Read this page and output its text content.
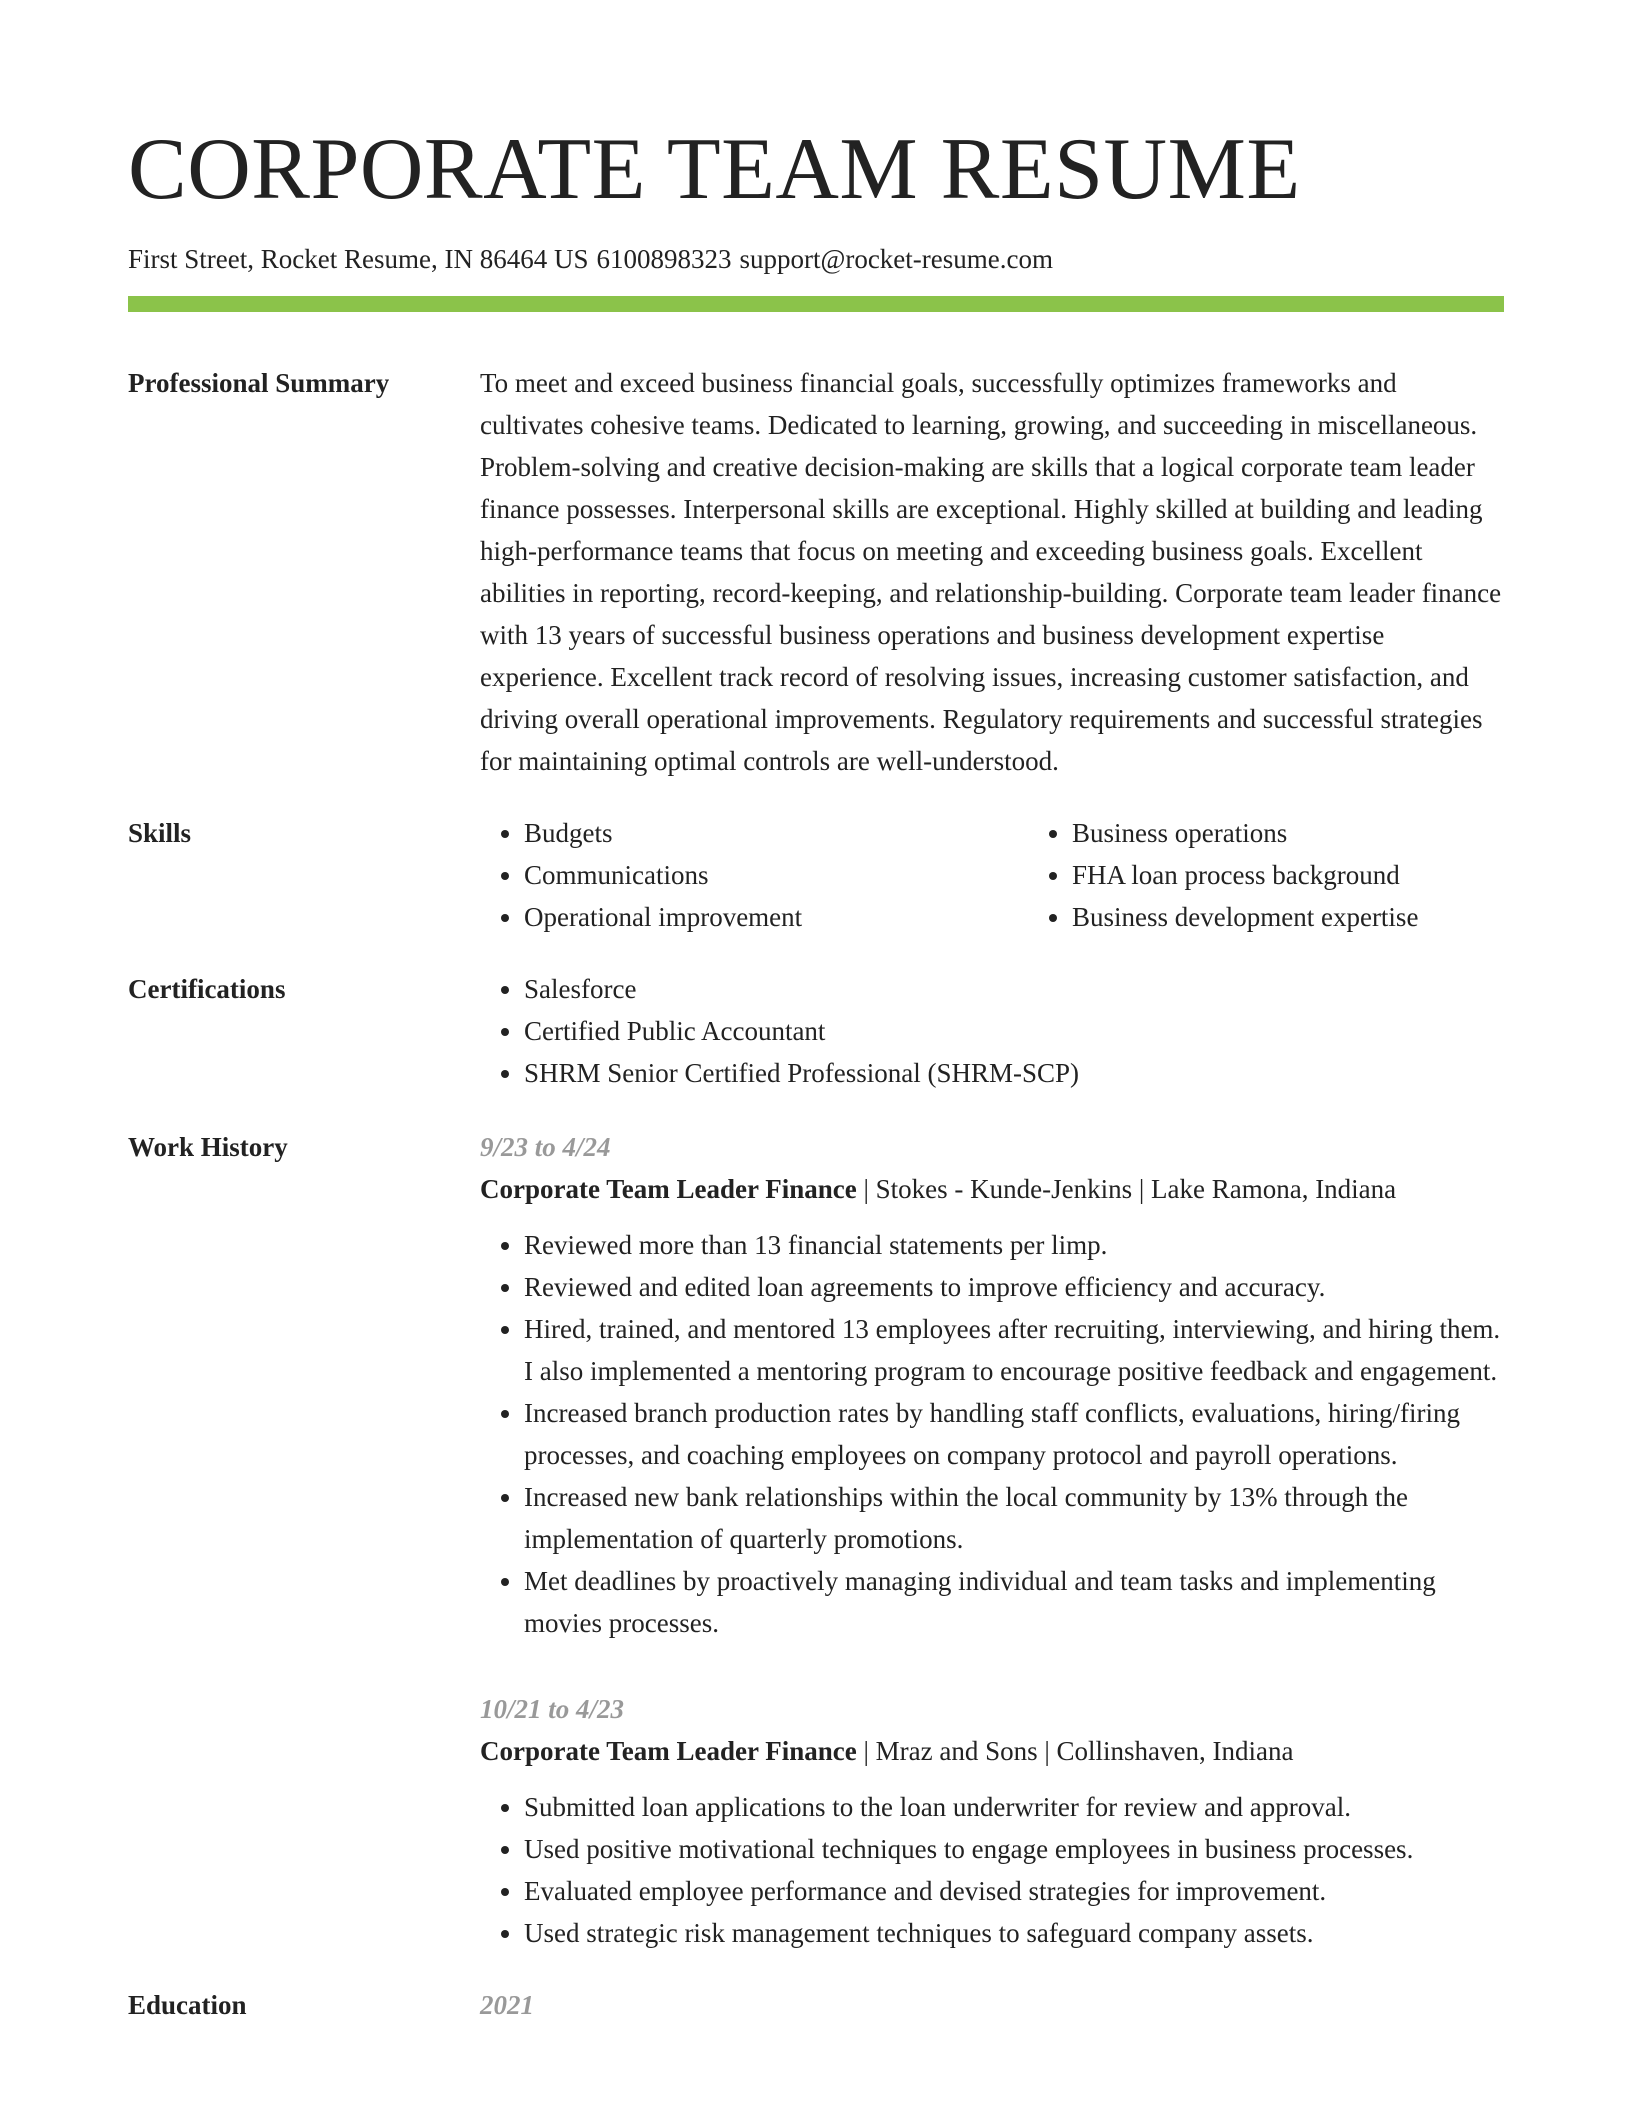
CORPORATE TEAM RESUME
First Street, Rocket Resume, IN 86464 US 6100898323 support@rocket-resume.com
Professional Summary	To meet and exceed business financial goals, successfully optimizes frameworks and cultivates cohesive teams. Dedicated to learning, growing, and succeeding in miscellaneous. Problem-solving and creative decision-making are skills that a logical corporate team leader finance possesses. Interpersonal skills are exceptional. Highly skilled at building and leading high-performance teams that focus on meeting and exceeding business goals. Excellent abilities in reporting, record-keeping, and relationship-building. Corporate team leader finance with 13 years of successful business operations and business development expertise experience. Excellent track record of resolving issues, increasing customer satisfaction, and driving overall operational improvements. Regulatory requirements and successful strategies for maintaining optimal controls are well-understood.
Skills	• Budgets
• Communications
• Operational improvement
• Business operations
• FHA loan process background
• Business development expertise
Certifications	• Salesforce
• Certified Public Accountant
• SHRM Senior Certified Professional (SHRM-SCP)
Work History	9/23 to 4/24
Corporate Team Leader Finance | Stokes - Kunde-Jenkins | Lake Ramona, Indiana
• Reviewed more than 13 financial statements per limp.
• Reviewed and edited loan agreements to improve efficiency and accuracy.
• Hired, trained, and mentored 13 employees after recruiting, interviewing, and hiring them. I also implemented a mentoring program to encourage positive feedback and engagement.
• Increased branch production rates by handling staff conflicts, evaluations, hiring/firing processes, and coaching employees on company protocol and payroll operations.
• Increased new bank relationships within the local community by 13% through the implementation of quarterly promotions.
• Met deadlines by proactively managing individual and team tasks and implementing movies processes.
10/21 to 4/23
Corporate Team Leader Finance | Mraz and Sons | Collinshaven, Indiana
• Submitted loan applications to the loan underwriter for review and approval.
• Used positive motivational techniques to engage employees in business processes.
• Evaluated employee performance and devised strategies for improvement.
• Used strategic risk management techniques to safeguard company assets.
Education	2021
